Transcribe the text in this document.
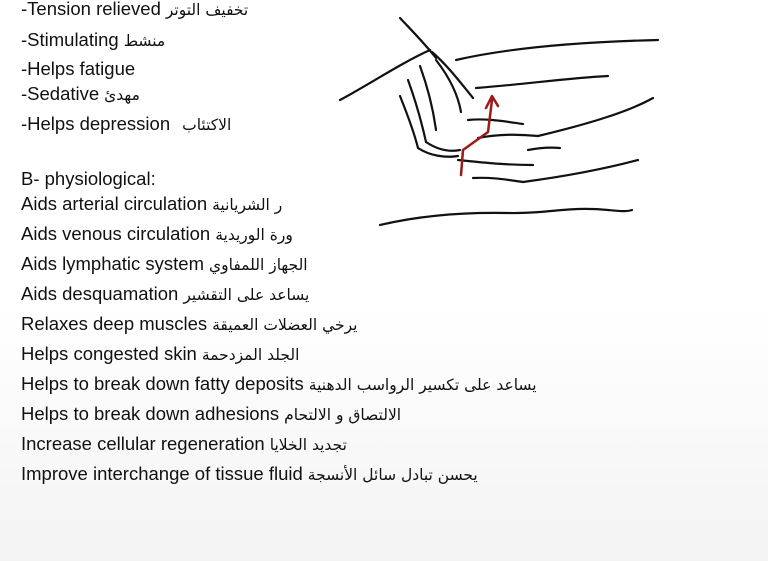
-Tension relieved تخفيف التوتر
-Stimulating منشط
-Helps fatigue
-Sedative مهدئ
-Helps depression الاكتئاب
B- physiological:
Aids arterial circulation ر الشريانية
Aids venous circulation ورة الوريدية
Aids lymphatic system الجهاز اللمفاوي
Aids desquamation يساعد على التقشير
Relaxes deep muscles يرخي العضلات العميقة
Helps congested skin الجلد المزدحمة
Helps to break down fatty deposits يساعد على تكسير الرواسب الدهنية
Helps to break down adhesions الالتصاق و الالتحام
Increase cellular regeneration تجديد الخلايا
Improve interchange of tissue fluid يحسن تبادل سائل الأنسجة
